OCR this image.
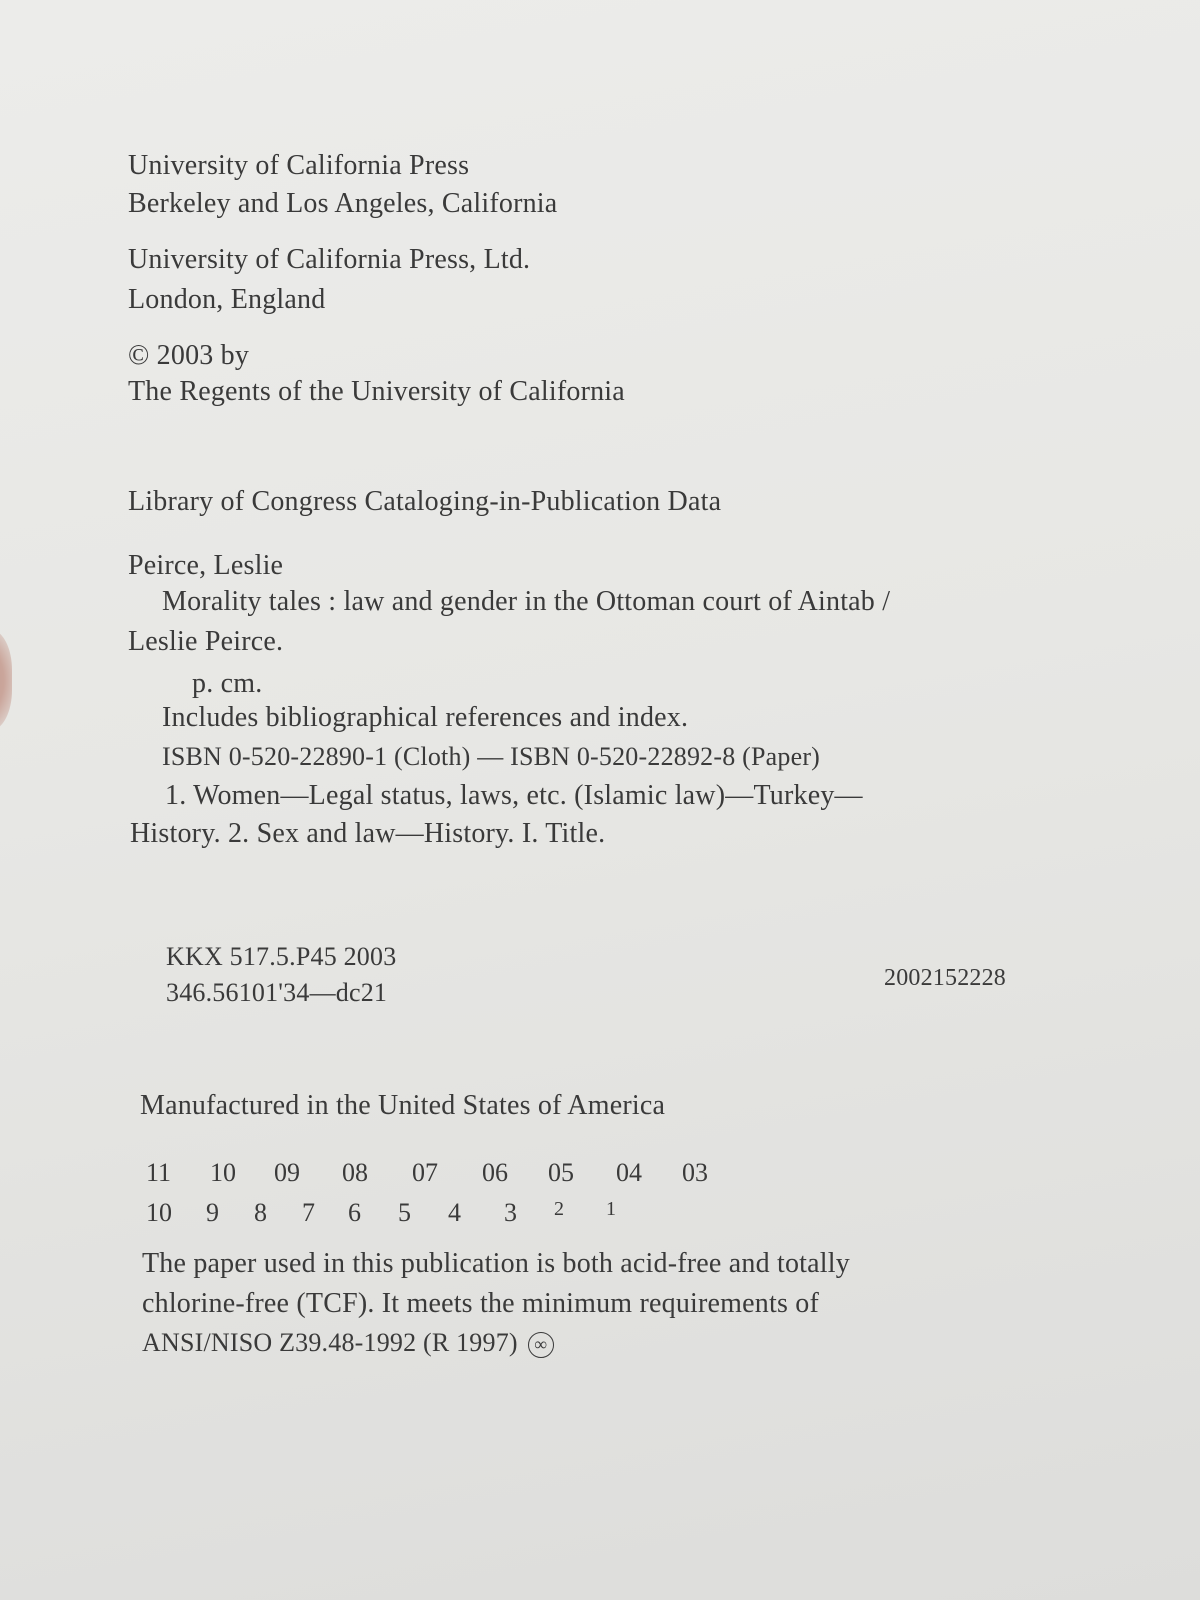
University of California Press
Berkeley and Los Angeles, California
University of California Press, Ltd.
London, England
© 2003 by
The Regents of the University of California
Library of Congress Cataloging-in-Publication Data
Peirce, Leslie
Morality tales : law and gender in the Ottoman court of Aintab /
Leslie Peirce.
p. cm.
Includes bibliographical references and index.
ISBN 0-520-22890-1 (Cloth) — ISBN 0-520-22892-8 (Paper)
1. Women—Legal status, laws, etc. (Islamic law)—Turkey—
History. 2. Sex and law—History. I. Title.
KKX 517.5.P45 2003
346.56101'34—dc21	2002152228
Manufactured in the United States of America
11	10	09	08	07	06	05	04	03
10	9	8	7	6	5	4	3	2	1
The paper used in this publication is both acid-free and totally
chlorine-free (TCF). It meets the minimum requirements of
ANSI/NISO Z39.48-1992 (R 1997) ∞
